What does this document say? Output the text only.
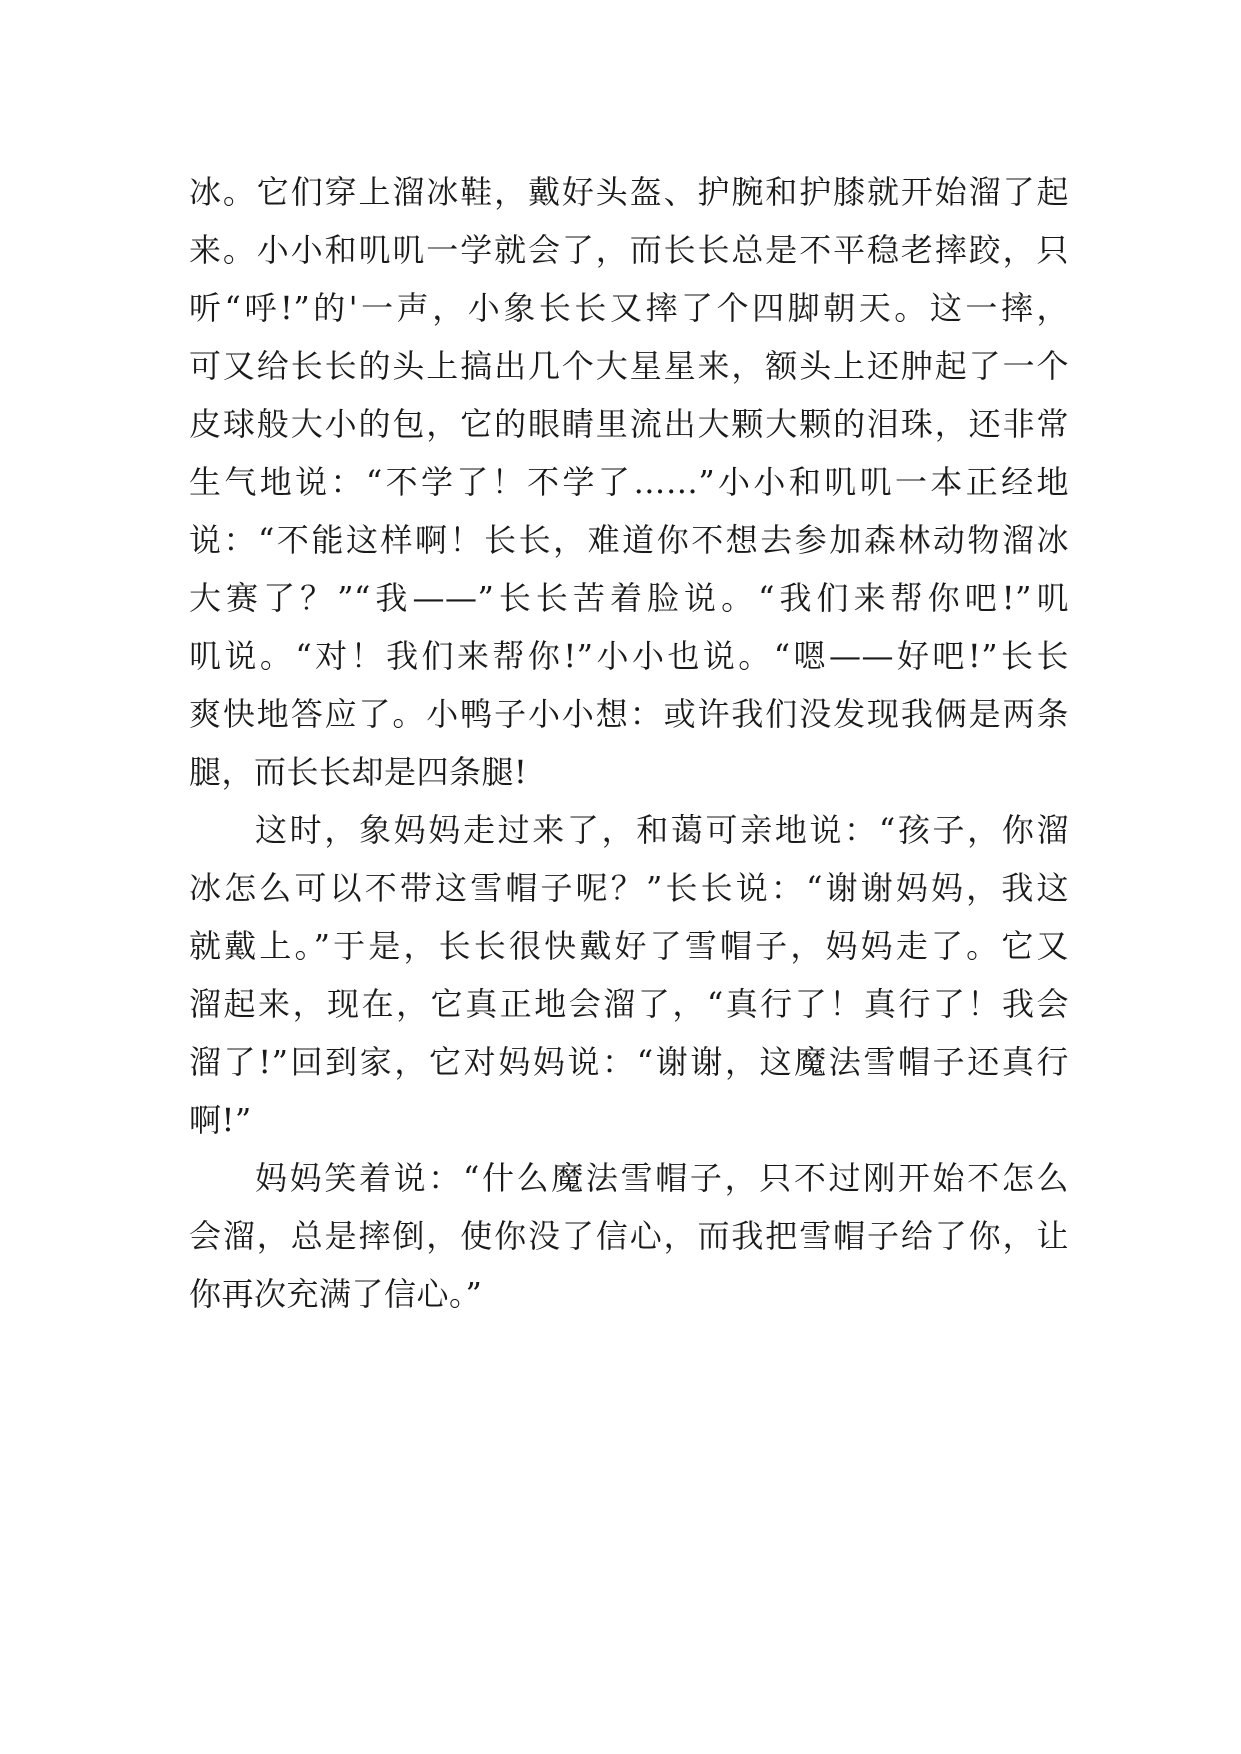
冰。它们穿上溜冰鞋，戴好头盔、护腕和护膝就开始溜了起
来。小小和叽叽一学就会了，而长长总是不平稳老摔跤，只
听“呼!”的'一声，小象长长又摔了个四脚朝天。这一摔，
可又给长长的头上搞出几个大星星来，额头上还肿起了一个
皮球般大小的包，它的眼睛里流出大颗大颗的泪珠，还非常
生气地说：“不学了！不学了……”小小和叽叽一本正经地
说：“不能这样啊！长长，难道你不想去参加森林动物溜冰
大赛了？”“我——”长长苦着脸说。“我们来帮你吧!”叽
叽说。“对！我们来帮你!”小小也说。“嗯——好吧!”长长
爽快地答应了。小鸭子小小想：或许我们没发现我俩是两条
腿，而长长却是四条腿!
这时，象妈妈走过来了，和蔼可亲地说：“孩子，你溜
冰怎么可以不带这雪帽子呢？”长长说：“谢谢妈妈，我这
就戴上。”于是，长长很快戴好了雪帽子，妈妈走了。它又
溜起来，现在，它真正地会溜了，“真行了！真行了！我会
溜了!”回到家，它对妈妈说：“谢谢，这魔法雪帽子还真行
啊!”
妈妈笑着说：“什么魔法雪帽子，只不过刚开始不怎么
会溜，总是摔倒，使你没了信心，而我把雪帽子给了你，让
你再次充满了信心。”
